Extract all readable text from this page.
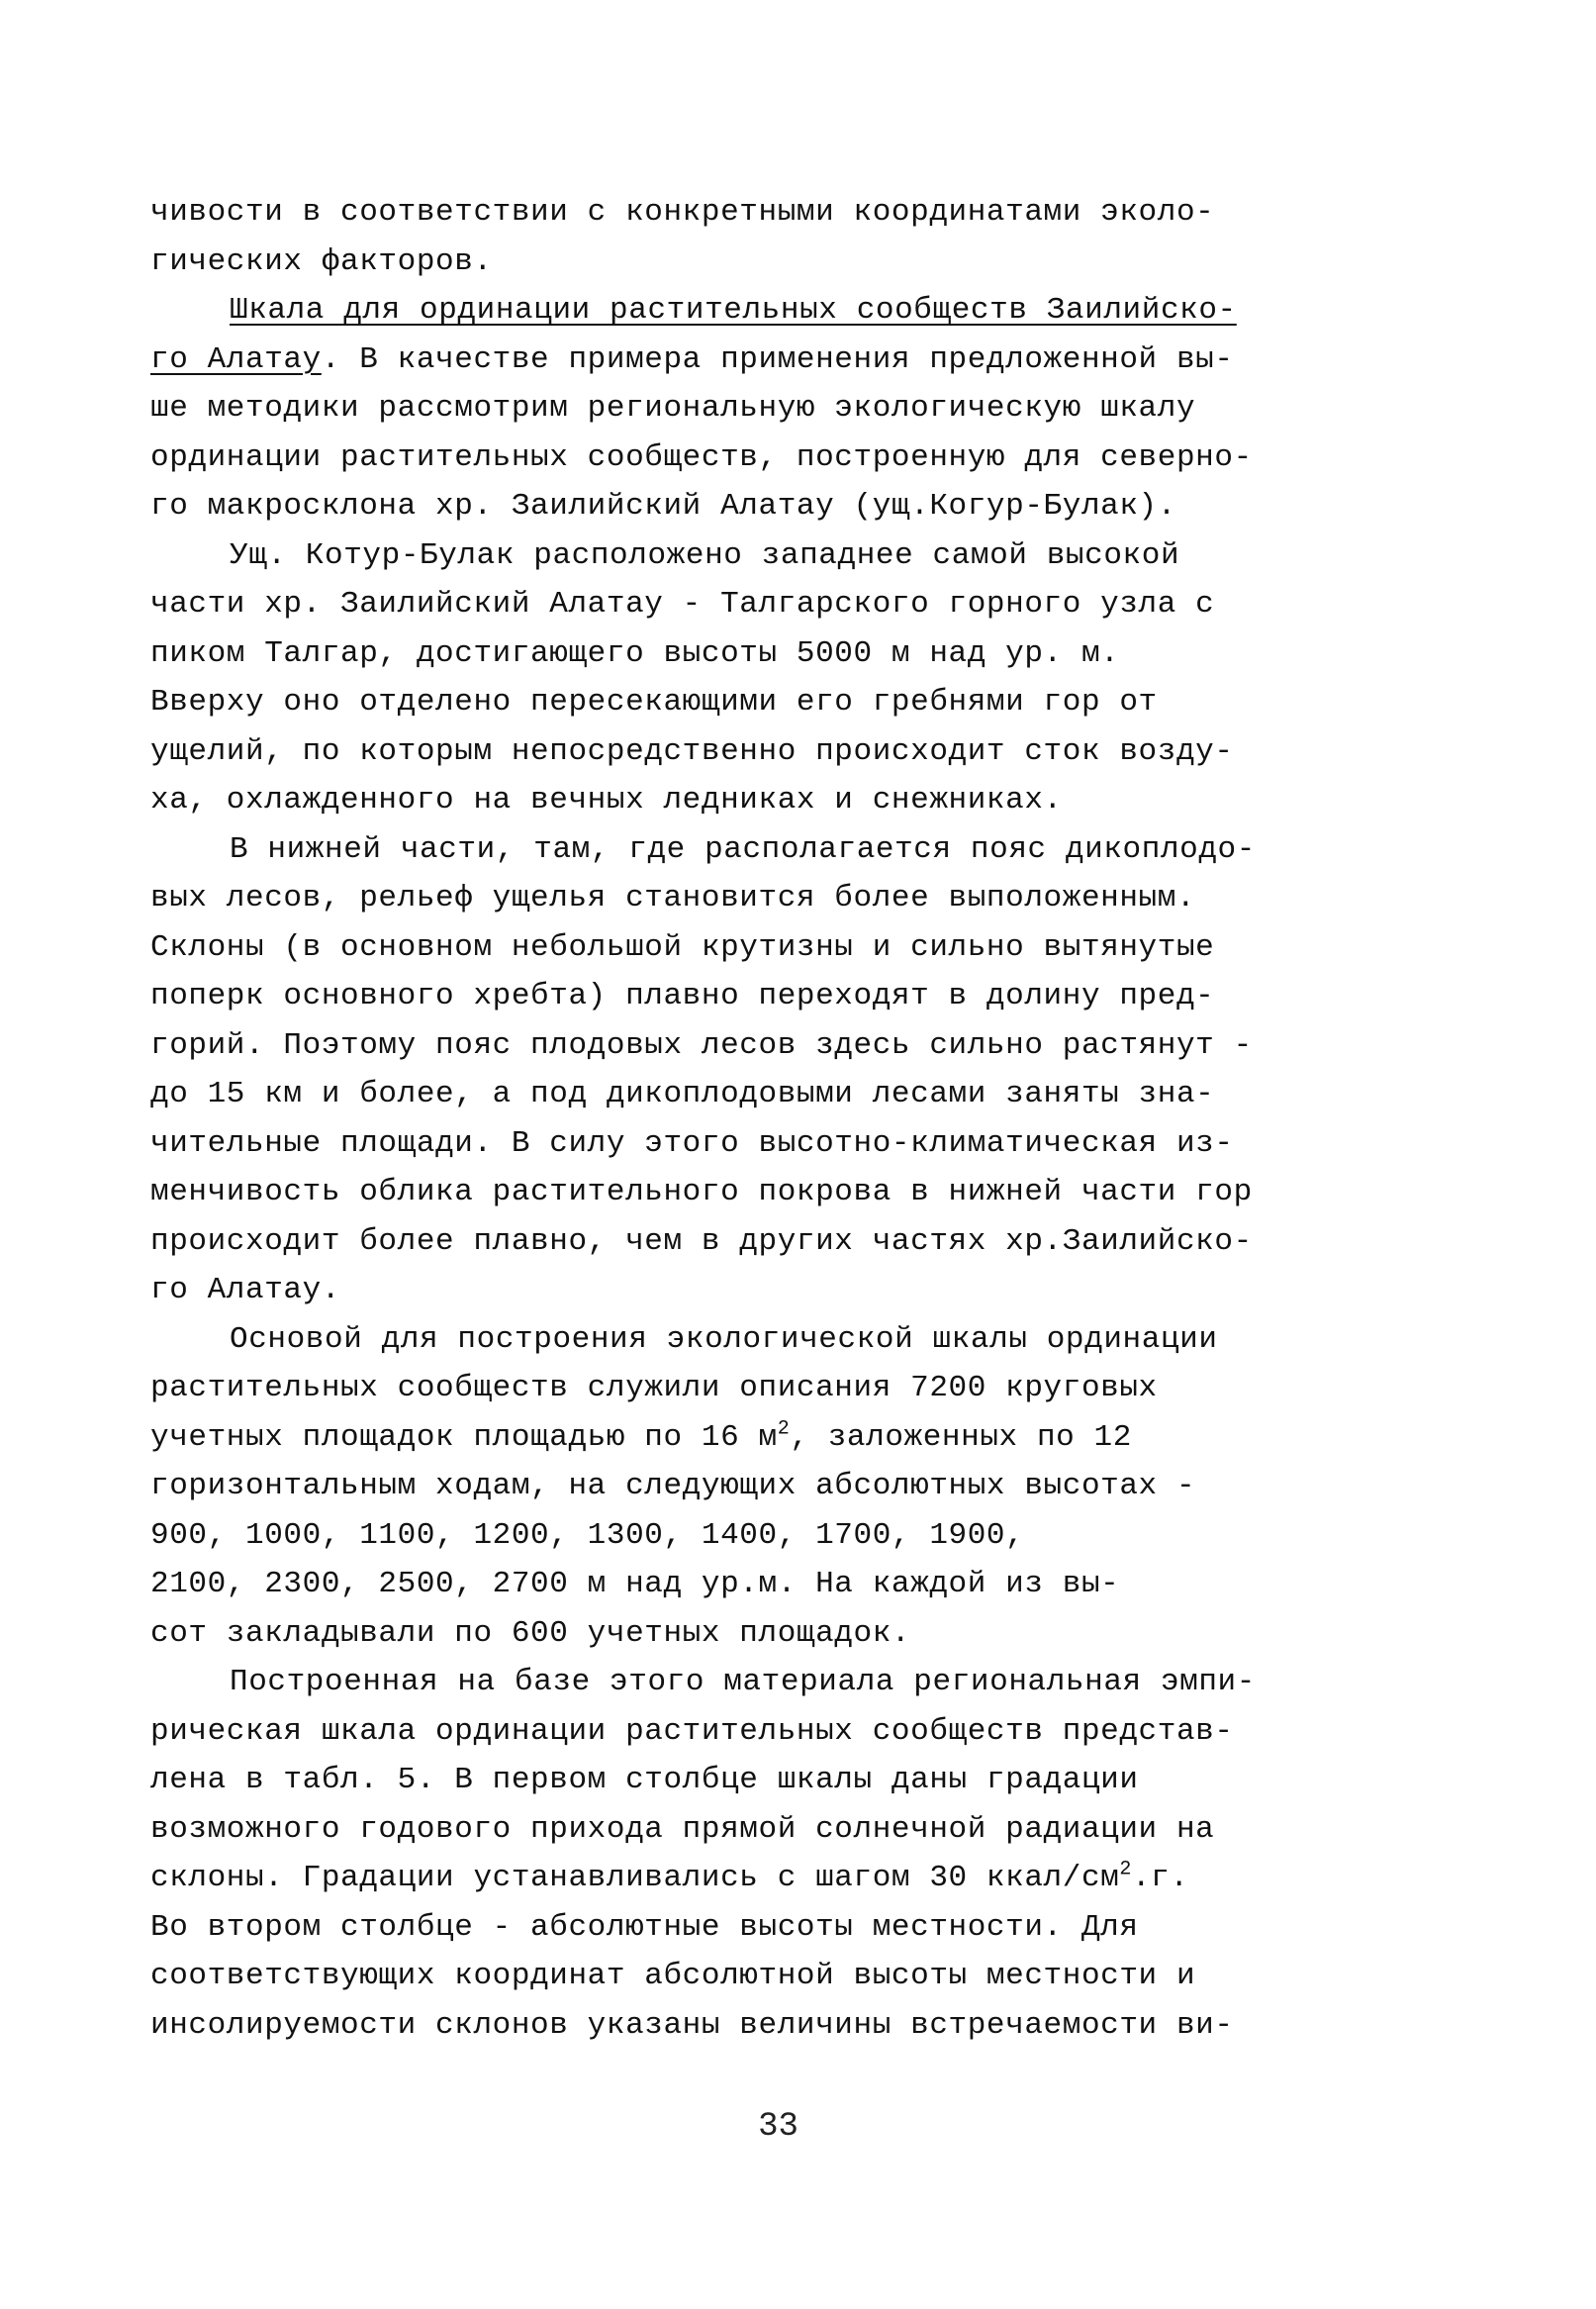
чивости в соответствии с конкретными координатами эколо-
гических факторов.
Шкала для ординации растительных сообществ Заилийско-
го Алатау. В качестве примера применения предложенной вы-
ше методики рассмотрим региональную экологическую шкалу
ординации растительных сообществ, построенную для северно-
го макросклона хр. Заилийский Алатау (ущ.Когур-Булак).
Ущ. Котур-Булак расположено западнее самой высокой
части хр. Заилийский Алатау - Талгарского горного узла с
пиком Талгар, достигающего высоты 5000 м над ур. м.
Вверху оно отделено пересекающими его гребнями гор от
ущелий, по которым непосредственно происходит сток возду-
ха, охлажденного на вечных ледниках и снежниках.
В нижней части, там, где располагается пояс дикоплодо-
вых лесов, рельеф ущелья становится более выположенным.
Склоны (в основном небольшой крутизны и сильно вытянутые
поперк основного хребта) плавно переходят в долину пред-
горий. Поэтому пояс плодовых лесов здесь сильно растянут -
до 15 км и более, а под дикоплодовыми лесами заняты зна-
чительные площади. В силу этого высотно-климатическая из-
менчивость облика растительного покрова в нижней части гор
происходит более плавно, чем в других частях хр.Заилийско-
го Алатау.
Основой для построения экологической шкалы ординации
растительных сообществ служили описания 7200 круговых
учетных площадок площадью по 16 $м^2$, заложенных по 12
горизонтальным ходам, на следующих абсолютных высотах -
900, 1000, 1100, 1200, 1300, 1400, 1700, 1900,
2100, 2300, 2500, 2700 м над ур.м. На каждой из вы-
сот закладывали по 600 учетных площадок.
Построенная на базе этого материала региональная эмпи-
рическая шкала ординации растительных сообществ представ-
лена в табл. 5. В первом столбце шкалы даны градации
возможного годового прихода прямой солнечной радиации на
склоны. Градации устанавливались с шагом 30 ккал/$см^2.г$.
Во втором столбце - абсолютные высоты местности. Для
соответствующих координат абсолютной высоты местности и
инсолируемости склонов указаны величины встречаемости ви-
33
